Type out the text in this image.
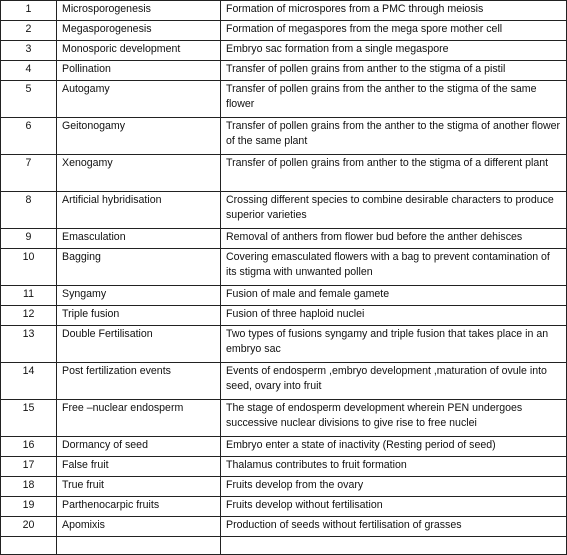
1	Microsporogenesis	Formation of microspores from a PMC through meiosis
2	Megasporogenesis	Formation of megaspores from the mega spore mother cell
3	Monosporic development	Embryo sac formation from a single megaspore
4	Pollination	Transfer of pollen grains from anther to the stigma of a pistil
5	Autogamy	Transfer of pollen grains from the anther to the stigma of the same flower
6	Geitonogamy	Transfer of pollen grains from the anther to the stigma of another flower of the same plant
7	Xenogamy	Transfer of pollen grains from anther to the stigma of a different plant
8	Artificial hybridisation	Crossing different species to combine desirable characters to produce superior varieties
9	Emasculation	Removal of anthers from flower bud before the anther dehisces
10	Bagging	Covering emasculated flowers with a bag to prevent contamination of its stigma with unwanted pollen
11	Syngamy	Fusion of male and female gamete
12	Triple fusion	Fusion of three haploid nuclei
13	Double Fertilisation	Two types of fusions syngamy and triple fusion that takes place in an embryo sac
14	Post fertilization events	Events of endosperm ,embryo development ,maturation of ovule into seed, ovary into fruit
15	Free –nuclear endosperm	The stage of endosperm development wherein PEN undergoes successive nuclear divisions to give rise to free nuclei
16	Dormancy of seed	Embryo enter a state of inactivity (Resting period of seed)
17	False fruit	Thalamus contributes to fruit formation
18	True fruit	Fruits develop from the ovary
19	Parthenocarpic fruits	Fruits develop without fertilisation
20	Apomixis	Production of seeds without fertilisation of grasses
